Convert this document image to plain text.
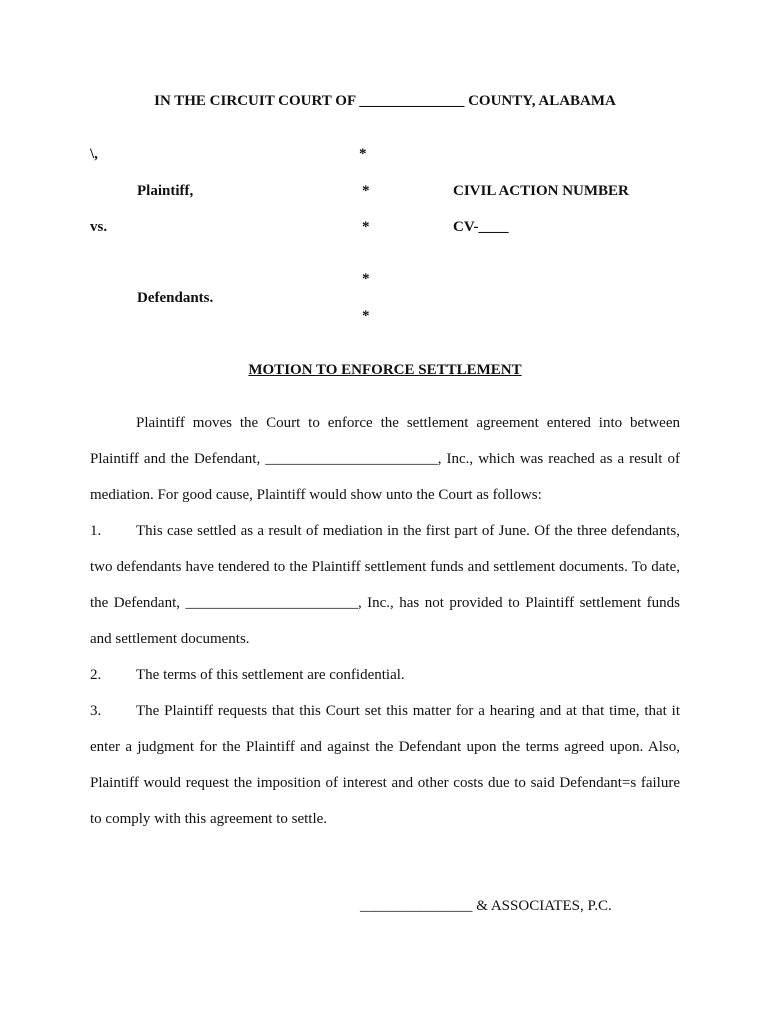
IN THE CIRCUIT COURT OF ______________ COUNTY, ALABAMA
\,	*
Plaintiff,	*	CIVIL ACTION NUMBER
vs.	*	CV-____
*
Defendants.
*
MOTION TO ENFORCE SETTLEMENT

Plaintiff moves the Court to enforce the settlement agreement entered into between Plaintiff and the Defendant, _______________________, Inc., which was reached as a result of mediation. For good cause, Plaintiff would show unto the Court as follows:

1. This case settled as a result of mediation in the first part of June. Of the three defendants, two defendants have tendered to the Plaintiff settlement funds and settlement documents. To date, the Defendant, _______________________, Inc., has not provided to Plaintiff settlement funds and settlement documents.

2. The terms of this settlement are confidential.

3. The Plaintiff requests that this Court set this matter for a hearing and at that time, that it enter a judgment for the Plaintiff and against the Defendant upon the terms agreed upon. Also, Plaintiff would request the imposition of interest and other costs due to said Defendant=s failure to comply with this agreement to settle.

_______________ & ASSOCIATES, P.C.
